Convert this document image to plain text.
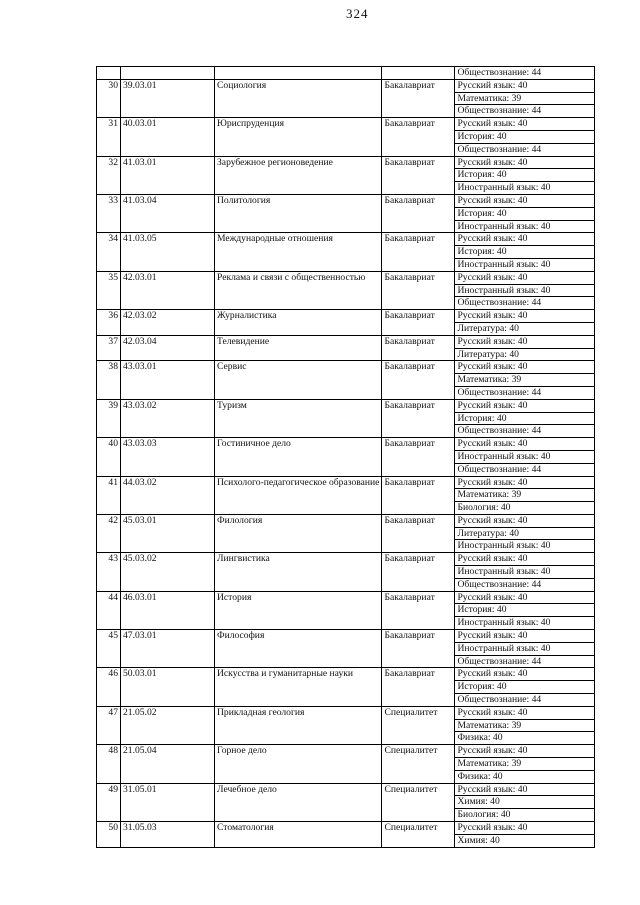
324
				Обществознание: 44
30	39.03.01	Социология	Бакалавриат	Русский язык: 40
				Математика: 39
				Обществознание: 44
31	40.03.01	Юриспруденция	Бакалавриат	Русский язык: 40
				История: 40
				Обществознание: 44
32	41.03.01	Зарубежное регионоведение	Бакалавриат	Русский язык: 40
				История: 40
				Иностранный язык: 40
33	41.03.04	Политология	Бакалавриат	Русский язык: 40
				История: 40
				Иностранный язык: 40
34	41.03.05	Международные отношения	Бакалавриат	Русский язык: 40
				История: 40
				Иностранный язык: 40
35	42.03.01	Реклама и связи с общественностью	Бакалавриат	Русский язык: 40
				Иностранный язык: 40
				Обществознание: 44
36	42.03.02	Журналистика	Бакалавриат	Русский язык: 40
				Литература: 40
37	42.03.04	Телевидение	Бакалавриат	Русский язык: 40
				Литература: 40
38	43.03.01	Сервис	Бакалавриат	Русский язык: 40
				Математика: 39
				Обществознание: 44
39	43.03.02	Туризм	Бакалавриат	Русский язык: 40
				История: 40
				Обществознание: 44
40	43.03.03	Гостиничное дело	Бакалавриат	Русский язык: 40
				Иностранный язык: 40
				Обществознание: 44
41	44.03.02	Психолого-педагогическое образование	Бакалавриат	Русский язык: 40
				Математика: 39
				Биология: 40
42	45.03.01	Филология	Бакалавриат	Русский язык: 40
				Литература: 40
				Иностранный язык: 40
43	45.03.02	Лингвистика	Бакалавриат	Русский язык: 40
				Иностранный язык: 40
				Обществознание: 44
44	46.03.01	История	Бакалавриат	Русский язык: 40
				История: 40
				Иностранный язык: 40
45	47.03.01	Философия	Бакалавриат	Русский язык: 40
				Иностранный язык: 40
				Обществознание: 44
46	50.03.01	Искусства и гуманитарные науки	Бакалавриат	Русский язык: 40
				История: 40
				Обществознание: 44
47	21.05.02	Прикладная геология	Специалитет	Русский язык: 40
				Математика: 39
				Физика: 40
48	21.05.04	Горное дело	Специалитет	Русский язык: 40
				Математика: 39
				Физика: 40
49	31.05.01	Лечебное дело	Специалитет	Русский язык: 40
				Химия: 40
				Биология: 40
50	31.05.03	Стоматология	Специалитет	Русский язык: 40
				Химия: 40
